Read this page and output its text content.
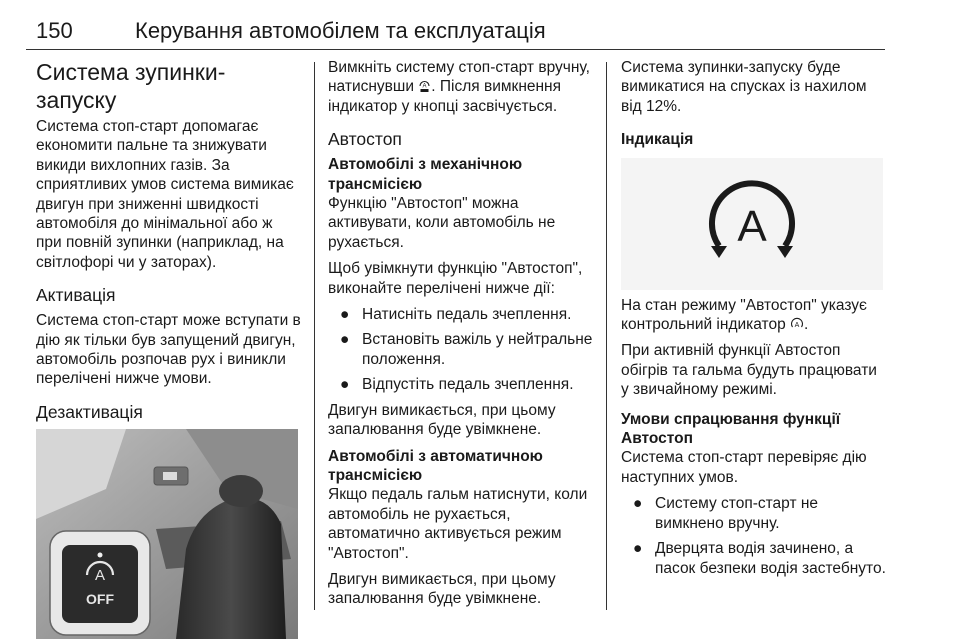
150	Керування автомобілем та експлуатація
Система зупинки-запуску

Система стоп-старт допомагає економити пальне та знижувати викиди вихлопних газів. За сприятливих умов система вимикає двигун при зниженні швидкості автомобіля до мінімальної або ж при повній зупинки (наприклад, на світлофорі чи у заторах).

Активація

Система стоп-старт може вступати в дію як тільки був запущений двигун, автомобіль розпочав рух і виникли перелічені нижче умови.

Дезактивація
A
OFF

Вимкніть систему стоп-старт вручну, натиснувши A . Після вимкнення індикатор у кнопці засвічується.

Автостоп
Автомобілі з механічною трансмісією

Функцію "Автостоп" можна активувати, коли автомобіль не рухається.

Щоб увімкнути функцію "Автостоп", виконайте перелічені нижче дії:

● Натисніть педаль зчеплення.
● Встановіть важіль у нейтральне положення.
● Відпустіть педаль зчеплення.

Двигун вимикається, при цьому запалювання буде увімкнене.

Автомобілі з автоматичною трансмісією

Якщо педаль гальм натиснути, коли автомобіль не рухається, автоматично активується режим "Автостоп".

Двигун вимикається, при цьому запалювання буде увімкнене.

Система зупинки-запуску буде вимикатися на спусках із нахилом від 12%.

Індикація
A

На стан режиму "Автостоп" указує контрольний індикатор A .

При активній функції Автостоп обігрів та гальма будуть працювати у звичайному режимі.

Умови спрацювання функції Автостоп

Система стоп-старт перевіряє дію наступних умов.

● Систему стоп-старт не вимкнено вручну.
● Дверцята водія зачинено, а пасок безпеки водія застебнуто.
